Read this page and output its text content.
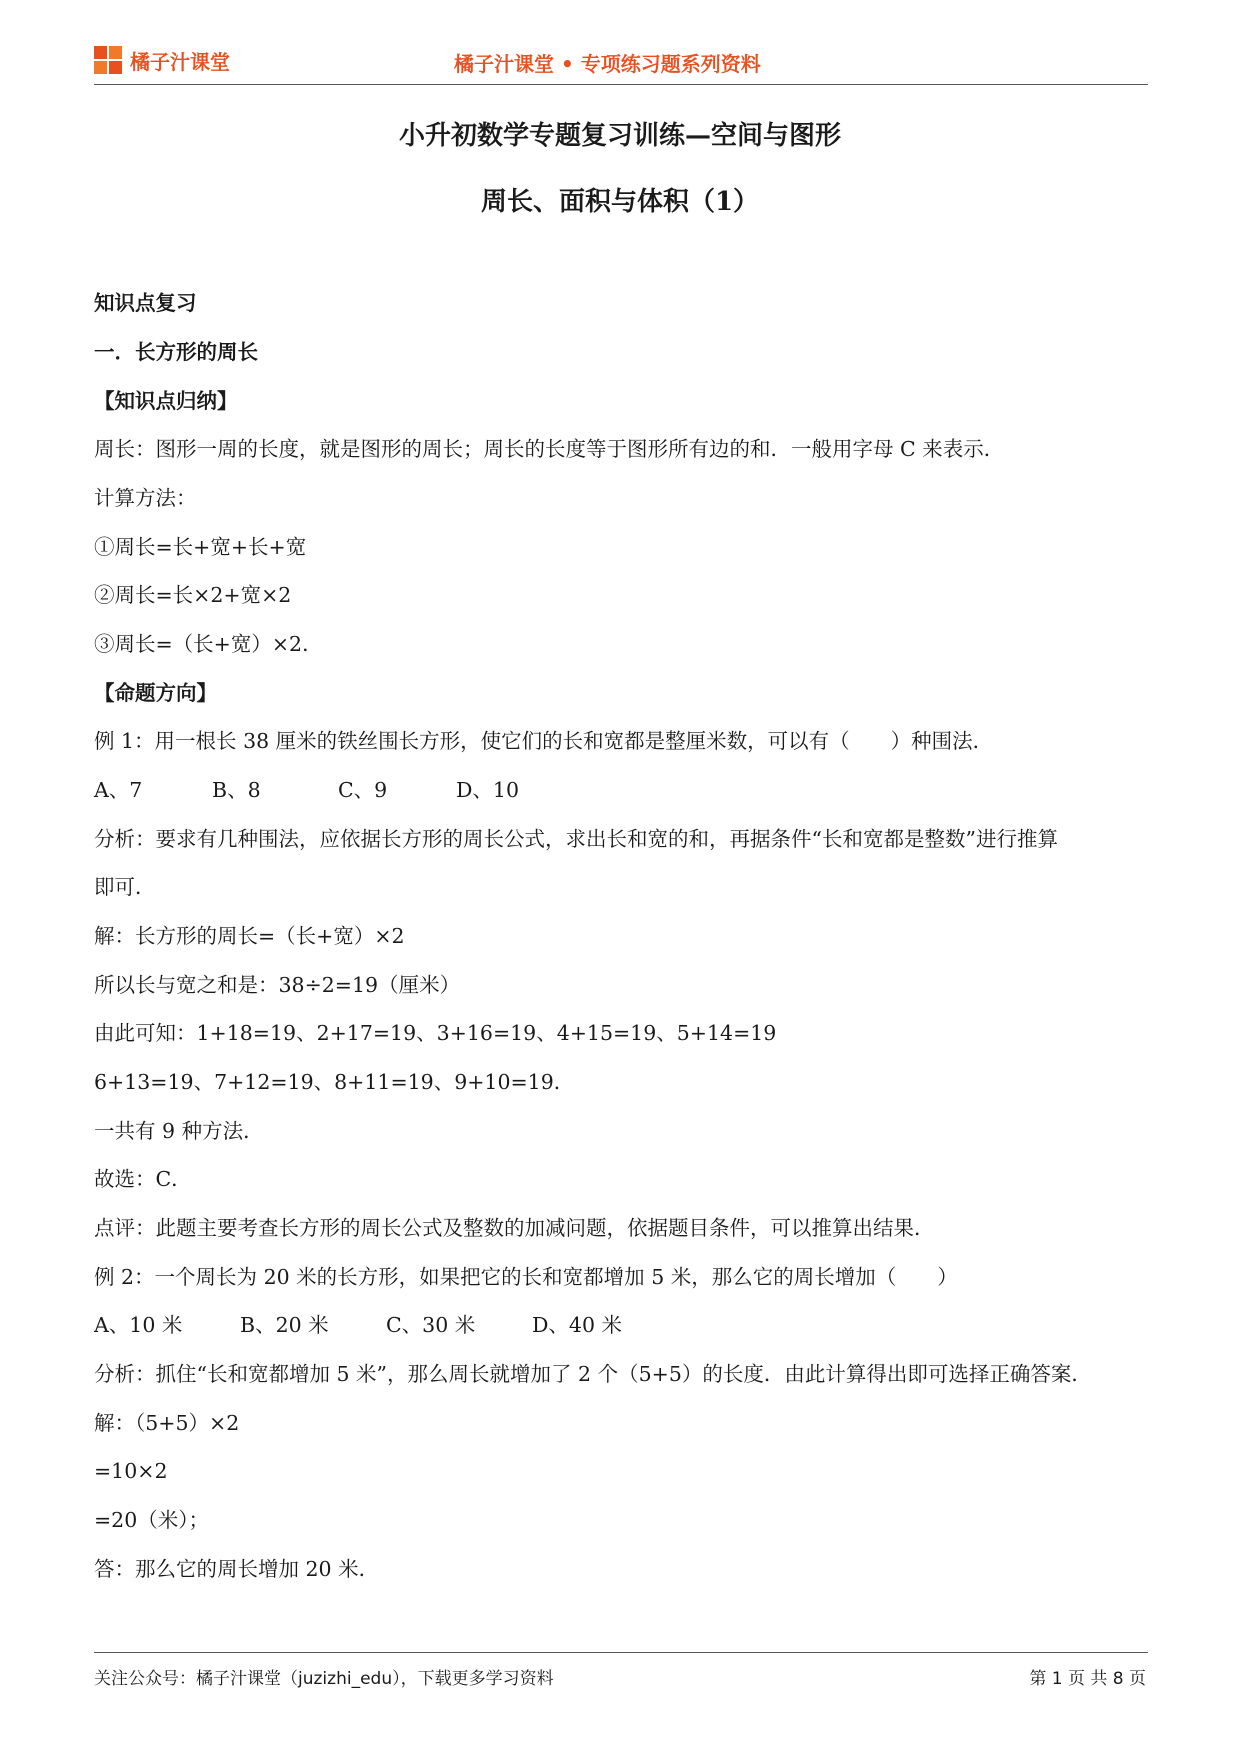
橘子汁课堂	橘子汁课堂 • 专项练习题系列资料
小升初数学专题复习训练—空间与图形
周长、面积与体积（1）
知识点复习
一．长方形的周长
【知识点归纳】
周长：图形一周的长度，就是图形的周长；周长的长度等于图形所有边的和．一般用字母 C 来表示．
计算方法：
①周长=长+宽+长+宽
②周长=长×2+宽×2
③周长=（长+宽）×2．
【命题方向】
例 1：用一根长 38 厘米的铁丝围长方形，使它们的长和宽都是整厘米数，可以有（　　）种围法．
A、7	B、8	C、9	D、10
分析：要求有几种围法，应依据长方形的周长公式，求出长和宽的和，再据条件“长和宽都是整数”进行推算
即可．
解：长方形的周长=（长+宽）×2
所以长与宽之和是：38÷2=19（厘米）
由此可知：1+18=19、2+17=19、3+16=19、4+15=19、5+14=19
6+13=19、7+12=19、8+11=19、9+10=19．
一共有 9 种方法．
故选：C．
点评：此题主要考查长方形的周长公式及整数的加减问题，依据题目条件，可以推算出结果．
例 2：一个周长为 20 米的长方形，如果把它的长和宽都增加 5 米，那么它的周长增加（　　）
A、10 米	B、20 米	C、30 米	D、40 米
分析：抓住“长和宽都增加 5 米”，那么周长就增加了 2 个（5+5）的长度．由此计算得出即可选择正确答案．
解：（5+5）×2
=10×2
=20（米）；
答：那么它的周长增加 20 米．
关注公众号：橘子汁课堂（juzizhi_edu），下载更多学习资料	第 1 页 共 8 页
